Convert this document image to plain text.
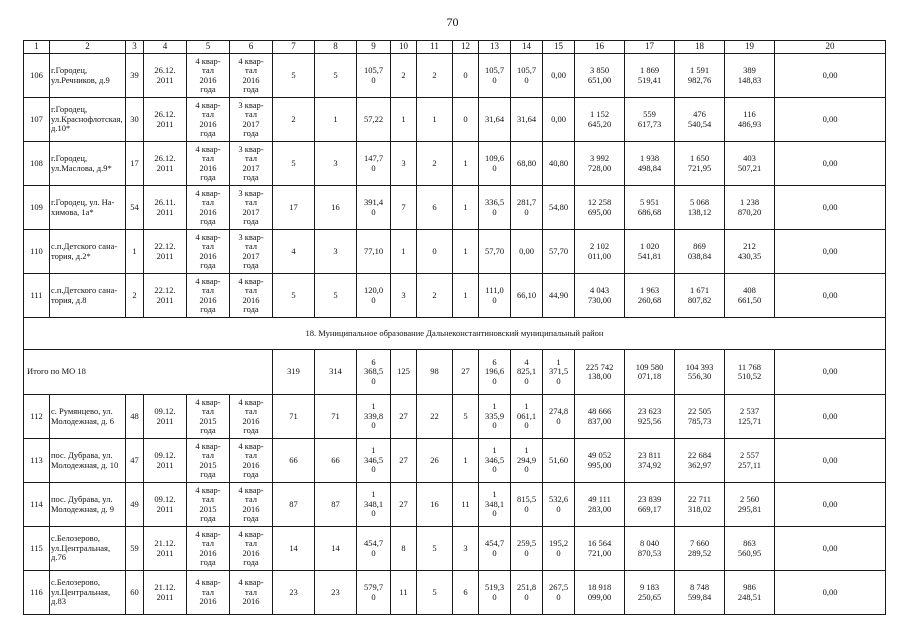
70
1	2	3	4	5	6	7	8	9	10	11	12	13	14	15	16	17	18	19	20
106	г.Городец,
ул.Речников, д.9	39	26.12.
2011	4 квар-
тал
2016
года	4 квар-
тал
2016
года	5	5	105,7
0	2	2	0	105,7
0	105,7
0	0,00	3 850
651,00	1 869
519,41	1 591
982,76	389
148,83	0,00
107	г.Городец,
ул.Краснофлотская,
д.10*	30	26.12.
2011	4 квар-
тал
2016
года	3 квар-
тал
2017
года	2	1	57,22	1	1	0	31,64	31,64	0,00	1 152
645,20	559
617,73	476
540,54	116
486,93	0,00
108	г.Городец,
ул.Маслова, д.9*	17	26.12.
2011	4 квар-
тал
2016
года	3 квар-
тал
2017
года	5	3	147,7
0	3	2	1	109,6
0	68,80	40,80	3 992
728,00	1 938
498,84	1 650
721,95	403
507,21	0,00
109	г.Городец, ул. На-
химова, 1а*	54	26.11.
2011	4 квар-
тал
2016
года	3 квар-
тал
2017
года	17	16	391,4
0	7	6	1	336,5
0	281,7
0	54,80	12 258
695,00	5 951
686,68	5 068
138,12	1 238
870,20	0,00
110	с.п.Детского сана-
тория, д.2*	1	22.12.
2011	4 квар-
тал
2016
года	3 квар-
тал
2017
года	4	3	77,10	1	0	1	57,70	0,00	57,70	2 102
011,00	1 020
541,81	869
038,84	212
430,35	0,00
111	с.п.Детского сана-
тория, д.8	2	22.12.
2011	4 квар-
тал
2016
года	4 квар-
тал
2016
года	5	5	120,0
0	3	2	1	111,0
0	66,10	44,90	4 043
730,00	1 963
260,68	1 671
807,82	408
661,50	0,00
18. Муниципальное образование Дальнеконстантиновский муниципальный район																			
Итого по МО 18						319	314	6
368,5
0	125	98	27	6
196,6
0	4
825,1
0	1
371,5
0	225 742
138,00	109 580
071,18	104 393
556,30	11 768
510,52	0,00
112	с. Румянцево, ул.
Молодежная, д. 6	48	09.12.
2011	4 квар-
тал
2015
года	4 квар-
тал
2016
года	71	71	1
339,8
0	27	22	5	1
335,9
0	1
061,1
0	274,8
0	48 666
837,00	23 623
925,56	22 505
785,73	2 537
125,71	0,00
113	пос. Дубрава, ул.
Молодежная, д. 10	47	09.12.
2011	4 квар-
тал
2015
года	4 квар-
тал
2016
года	66	66	1
346,5
0	27	26	1	1
346,5
0	1
294,9
0	51,60	49 052
995,00	23 811
374,92	22 684
362,97	2 557
257,11	0,00
114	пос. Дубрава, ул.
Молодежная, д. 9	49	09.12.
2011	4 квар-
тал
2015
года	4 квар-
тал
2016
года	87	87	1
348,1
0	27	16	11	1
348,1
0	815,5
0	532,6
0	49 111
283,00	23 839
669,17	22 711
318,02	2 560
295,81	0,00
115	с.Белозерово,
ул.Центральная,
д.76	59	21.12.
2011	4 квар-
тал
2016
года	4 квар-
тал
2016
года	14	14	454,7
0	8	5	3	454,7
0	259,5
0	195,2
0	16 564
721,00	8 040
870,53	7 660
289,52	863
560,95	0,00
116	с.Белозерово,
ул.Центральная,
д.83	60	21.12.
2011	4 квар-
тал
2016	4 квар-
тал
2016	23	23	579,7
0	11	5	6	519,3
0	251,8
0	267,5
0	18 918
099,00	9 183
250,65	8 748
599,84	986
248,51	0,00
